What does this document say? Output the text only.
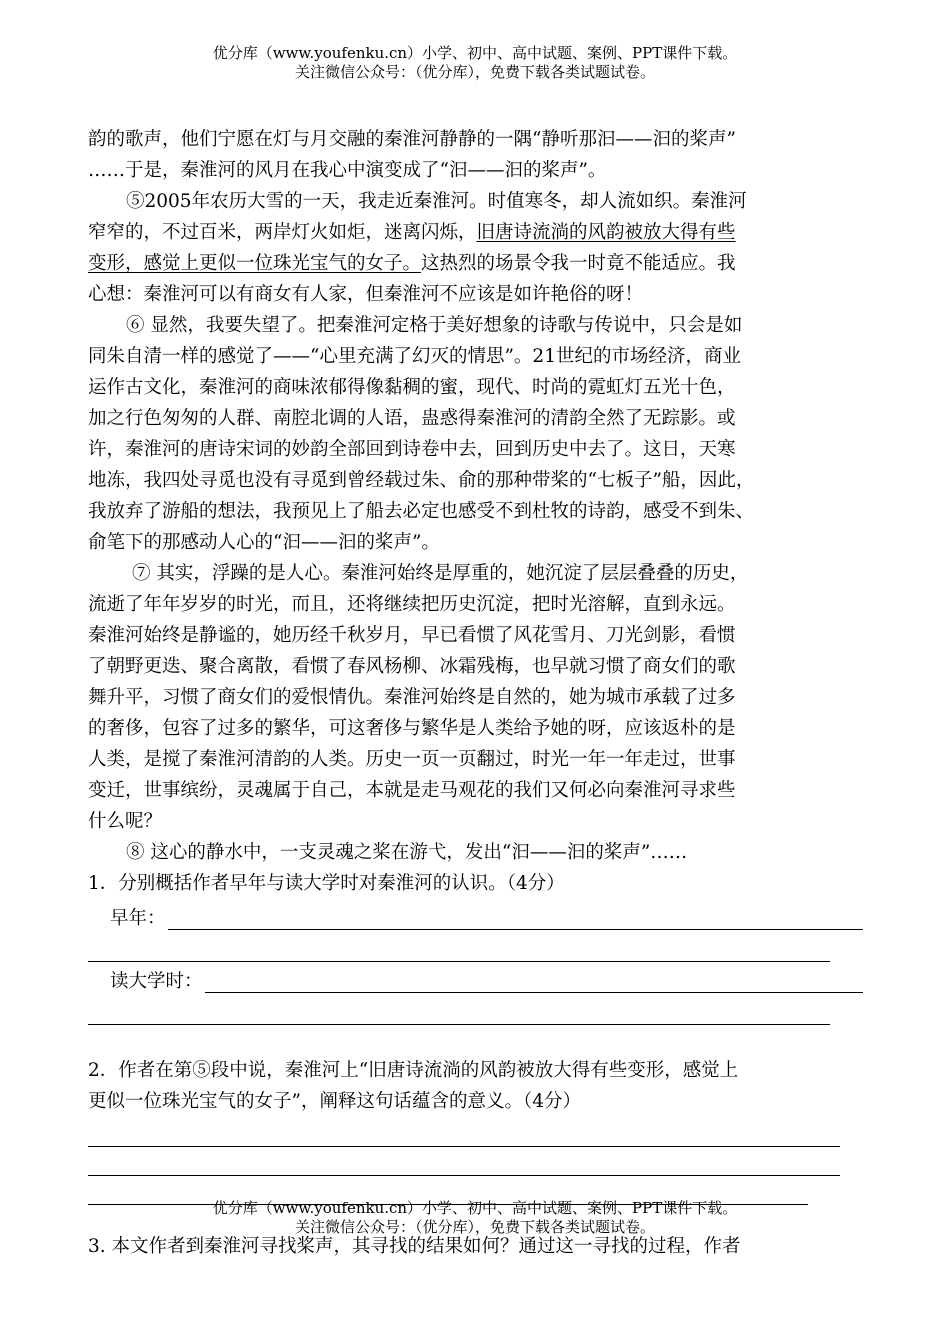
优分库（www.youfenku.cn）小学、初中、高中试题、案例、PPT课件下载。
关注微信公众号：（优分库），免费下载各类试题试卷。
韵的歌声，他们宁愿在灯与月交融的秦淮河静静的一隅“静听那汩——汩的桨声”
……于是，秦淮河的风月在我心中演变成了“汩——汩的桨声”。
⑤2005年农历大雪的一天，我走近秦淮河。时值寒冬，却人流如织。秦淮河
窄窄的，不过百米，两岸灯火如炬，迷离闪烁，旧唐诗流淌的风韵被放大得有些
变形，感觉上更似一位珠光宝气的女子。这热烈的场景令我一时竟不能适应。我
心想：秦淮河可以有商女有人家，但秦淮河不应该是如许艳俗的呀！
⑥ 显然，我要失望了。把秦淮河定格于美好想象的诗歌与传说中，只会是如
同朱自清一样的感觉了——“心里充满了幻灭的情思”。21世纪的市场经济，商业
运作古文化，秦淮河的商味浓郁得像黏稠的蜜，现代、时尚的霓虹灯五光十色，
加之行色匆匆的人群、南腔北调的人语，蛊惑得秦淮河的清韵全然了无踪影。或
许，秦淮河的唐诗宋词的妙韵全部回到诗卷中去，回到历史中去了。这日，天寒
地冻，我四处寻觅也没有寻觅到曾经载过朱、俞的那种带桨的“七板子”船，因此，
我放弃了游船的想法，我预见上了船去必定也感受不到杜牧的诗韵，感受不到朱、
俞笔下的那感动人心的“汩——汩的桨声”。
⑦ 其实，浮躁的是人心。秦淮河始终是厚重的，她沉淀了层层叠叠的历史，
流逝了年年岁岁的时光，而且，还将继续把历史沉淀，把时光溶解，直到永远。
秦淮河始终是静谧的，她历经千秋岁月，早已看惯了风花雪月、刀光剑影，看惯
了朝野更迭、聚合离散，看惯了春风杨柳、冰霜残梅，也早就习惯了商女们的歌
舞升平，习惯了商女们的爱恨情仇。秦淮河始终是自然的，她为城市承载了过多
的奢侈，包容了过多的繁华，可这奢侈与繁华是人类给予她的呀，应该返朴的是
人类，是搅了秦淮河清韵的人类。历史一页一页翻过，时光一年一年走过，世事
变迁，世事缤纷，灵魂属于自己，本就是走马观花的我们又何必向秦淮河寻求些
什么呢？
⑧ 这心的静水中，一支灵魂之桨在游弋，发出“汩——汩的桨声”……
1．分别概括作者早年与读大学时对秦淮河的认识。（4分）
早年：
读大学时：
2．作者在第⑤段中说，秦淮河上“旧唐诗流淌的风韵被放大得有些变形，感觉上
更似一位珠光宝气的女子”，阐释这句话蕴含的意义。（4分）
3. 本文作者到秦淮河寻找桨声，其寻找的结果如何？通过这一寻找的过程，作者
优分库（www.youfenku.cn）小学、初中、高中试题、案例、PPT课件下载。
关注微信公众号：（优分库），免费下载各类试题试卷。
